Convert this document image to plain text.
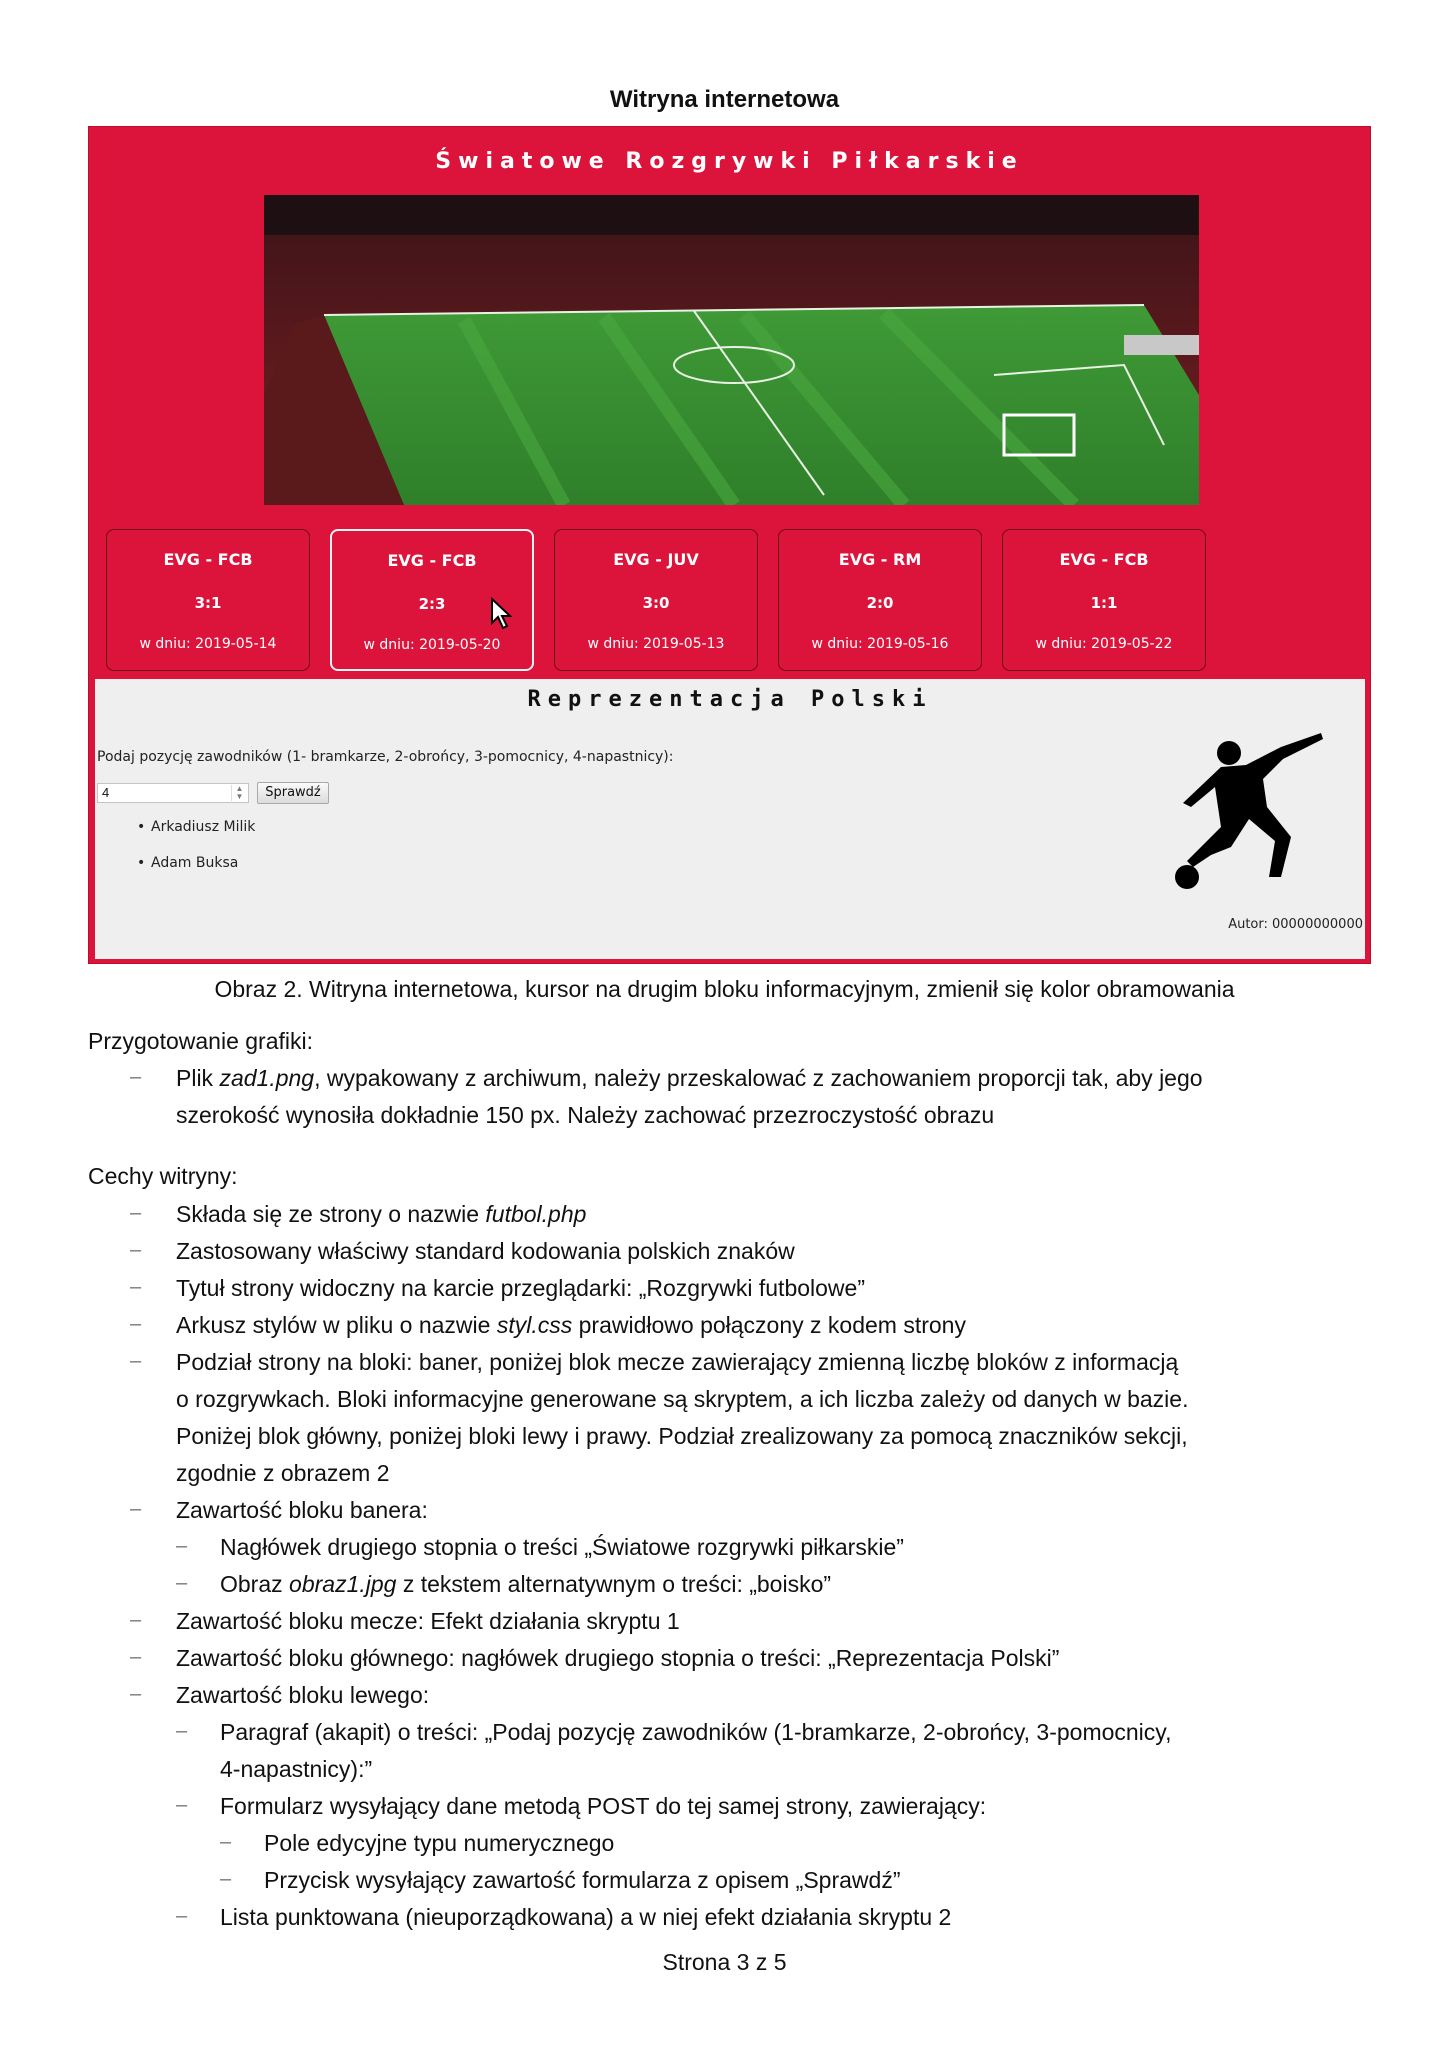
Witryna internetowa
Światowe Rozgrywki Piłkarskie
EVG - FCB
3:1
w dniu: 2019-05-14
EVG - FCB
2:3
w dniu: 2019-05-20
EVG - JUV
3:0
w dniu: 2019-05-13
EVG - RM
2:0
w dniu: 2019-05-16
EVG - FCB
1:1
w dniu: 2019-05-22
Reprezentacja Polski
Podaj pozycję zawodników (1- bramkarze, 2-obrońcy, 3-pomocnicy, 4-napastnicy):
4	▲
▼	Sprawdź
• Arkadiusz Milik
• Adam Buksa
Autor: 00000000000
Obraz 2. Witryna internetowa, kursor na drugim bloku informacyjnym, zmienił się kolor obramowania
Przygotowanie grafiki:
– Plik zad1.png, wypakowany z archiwum, należy przeskalować z zachowaniem proporcji tak, aby jego
szerokość wynosiła dokładnie 150 px. Należy zachować przezroczystość obrazu
Cechy witryny:
– Składa się ze strony o nazwie futbol.php
– Zastosowany właściwy standard kodowania polskich znaków
– Tytuł strony widoczny na karcie przeglądarki: „Rozgrywki futbolowe”
– Arkusz stylów w pliku o nazwie styl.css prawidłowo połączony z kodem strony
– Podział strony na bloki: baner, poniżej blok mecze zawierający zmienną liczbę bloków z informacją
o rozgrywkach. Bloki informacyjne generowane są skryptem, a ich liczba zależy od danych w bazie.
Poniżej blok główny, poniżej bloki lewy i prawy. Podział zrealizowany za pomocą znaczników sekcji,
zgodnie z obrazem 2
– Zawartość bloku banera:
– Nagłówek drugiego stopnia o treści „Światowe rozgrywki piłkarskie”
– Obraz obraz1.jpg z tekstem alternatywnym o treści: „boisko”
– Zawartość bloku mecze: Efekt działania skryptu 1
– Zawartość bloku głównego: nagłówek drugiego stopnia o treści: „Reprezentacja Polski”
– Zawartość bloku lewego:
– Paragraf (akapit) o treści: „Podaj pozycję zawodników (1-bramkarze, 2-obrońcy, 3-pomocnicy,
4-napastnicy):”
– Formularz wysyłający dane metodą POST do tej samej strony, zawierający:
– Pole edycyjne typu numerycznego
– Przycisk wysyłający zawartość formularza z opisem „Sprawdź”
– Lista punktowana (nieuporządkowana) a w niej efekt działania skryptu 2
Strona 3 z 5
